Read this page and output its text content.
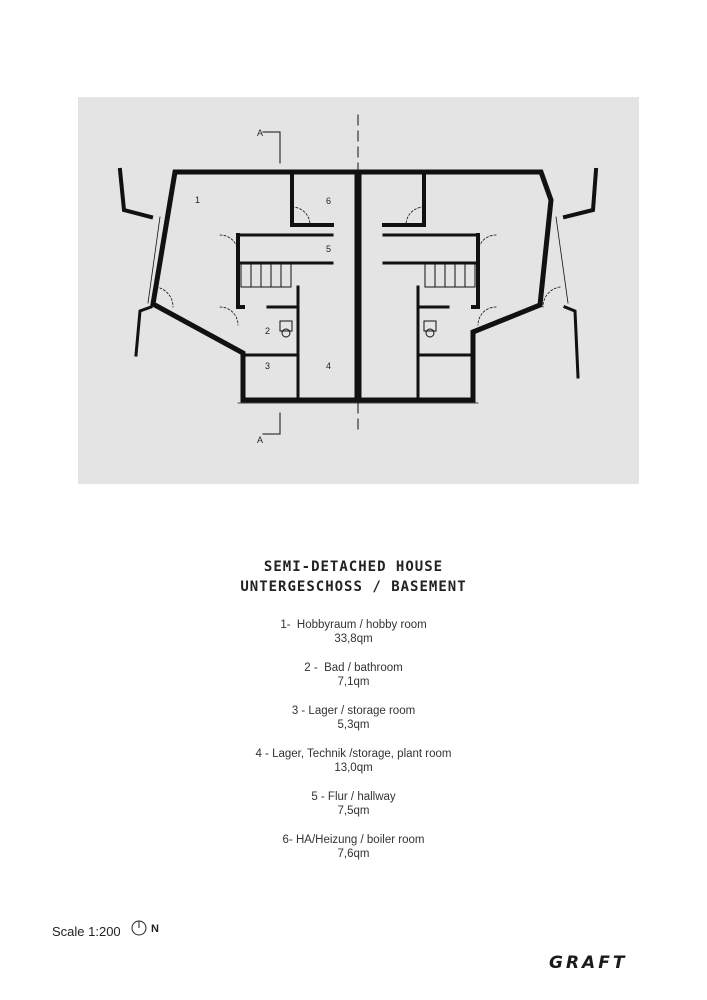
1
2
3	4
5
6
A
A
SEMI-DETACHED HOUSE
UNTERGESCHOSS / BASEMENT
1-  Hobbyraum / hobby room
33,8qm
2 -  Bad / bathroom
7,1qm
3 - Lager / storage room
5,3qm
4 - Lager, Technik /storage, plant room
13,0qm
5 - Flur / hallway
7,5qm
6- HA/Heizung / boiler room
7,6qm
Scale 1:200	N
GRAFT
